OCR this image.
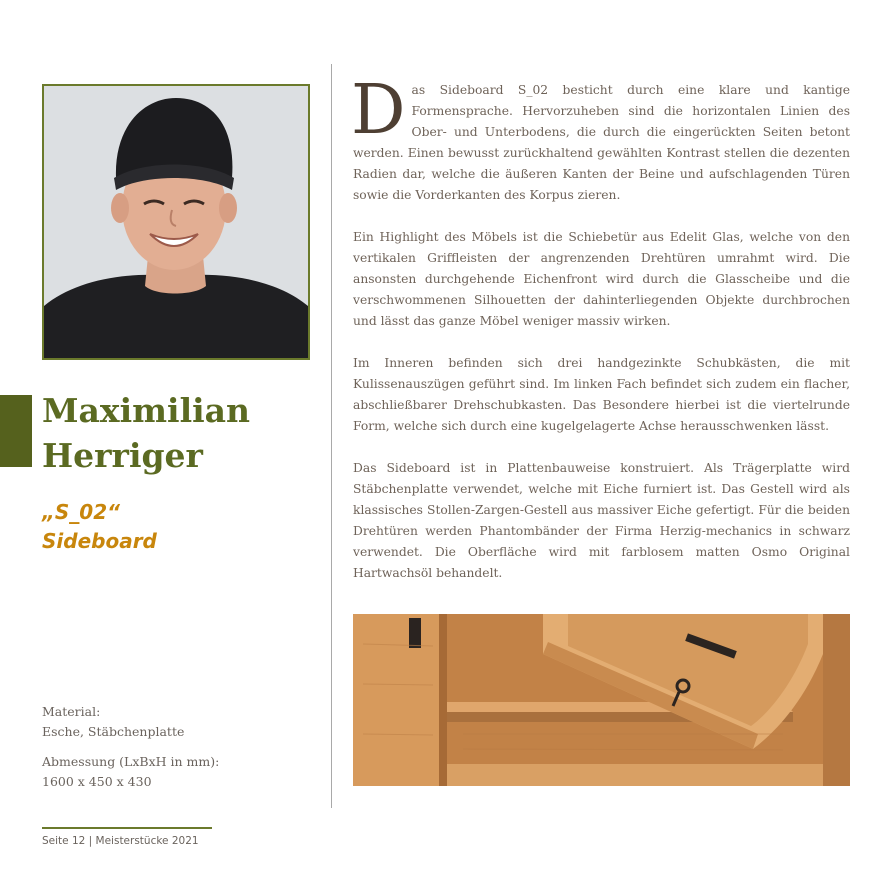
Maximilian
Herriger
„S_02“
Sideboard
Material:
Esche, Stäbchenplatte
Abmessung (LxBxH in mm):
1600 x 450 x 430
Seite 12 | Meisterstücke 2021

Das Sideboard S_02 besticht durch eine klare und kantige Formensprache. Hervorzuheben sind die horizontalen Linien des Ober- und Unterbodens, die durch die eingerückten Seiten betont werden. Einen bewusst zurückhaltend gewählten Kontrast stellen die dezenten Radien dar, welche die äußeren Kanten der Beine und aufschlagenden Türen sowie die Vorderkanten des Korpus zieren.

Ein Highlight des Möbels ist die Schiebetür aus Edelit Glas, welche von den vertikalen Griffleisten der angrenzenden Drehtüren umrahmt wird. Die ansonsten durchgehende Eichenfront wird durch die Glasscheibe und die verschwommenen Silhouetten der dahinterliegenden Objekte durchbrochen und lässt das ganze Möbel weniger massiv wirken.

Im Inneren befinden sich drei handgezinkte Schubkästen, die mit Kulissenauszügen geführt sind. Im linken Fach befindet sich zudem ein flacher, abschließbarer Drehschubkasten. Das Besondere hierbei ist die viertelrunde Form, welche sich durch eine kugelgelagerte Achse herausschwenken lässt.

Das Sideboard ist in Plattenbauweise konstruiert. Als Trägerplatte wird Stäbchenplatte verwendet, welche mit Eiche furniert ist. Das Gestell wird als klassisches Stollen-Zargen-Gestell aus massiver Eiche gefertigt. Für die beiden Drehtüren werden Phantombänder der Firma Herzig-mechanics in schwarz verwendet. Die Oberfläche wird mit farblosem matten Osmo Original Hartwachsöl behandelt.
